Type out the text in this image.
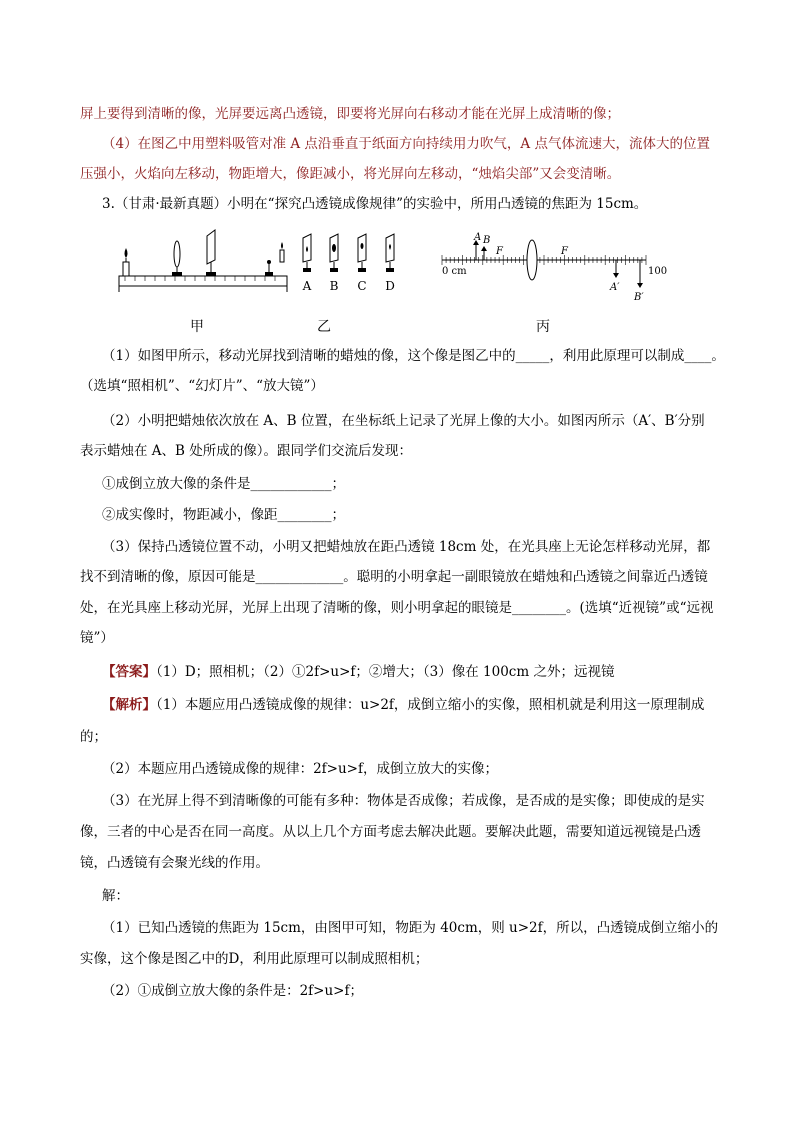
屏上要得到清晰的像，光屏要远离凸透镜，即要将光屏向右移动才能在光屏上成清晰的像；
（4）在图乙中用塑料吸管对准 A 点沿垂直于纸面方向持续用力吹气，A 点气体流速大，流体大的位置
压强小，火焰向左移动，物距增大，像距减小，将光屏向左移动，“烛焰尖部”又会变清晰。
3.（甘肃·最新真题）小明在“探究凸透镜成像规律”的实验中，所用凸透镜的焦距为 15cm。
甲
A B C D
乙
A B
F	F
0 cm	100
A′
B′
丙
（1）如图甲所示，移动光屏找到清晰的蜡烛的像，这个像是图乙中的_____，利用此原理可以制成____。
（选填“照相机”、“幻灯片”、“放大镜”）
（2）小明把蜡烛依次放在 A、B 位置，在坐标纸上记录了光屏上像的大小。如图丙所示（A′、B′分别
表示蜡烛在 A、B 处所成的像）。跟同学们交流后发现：
①成倒立放大像的条件是____________；
②成实像时，物距减小，像距________；
（3）保持凸透镜位置不动，小明又把蜡烛放在距凸透镜 18cm 处，在光具座上无论怎样移动光屏，都
找不到清晰的像，原因可能是_____________。聪明的小明拿起一副眼镜放在蜡烛和凸透镜之间靠近凸透镜
处，在光具座上移动光屏，光屏上出现了清晰的像，则小明拿起的眼镜是________。(选填“近视镜”或“远视
镜”）
【答案】（1）D；照相机；（2）①2f>u>f；②增大；（3）像在 100cm 之外；远视镜
【解析】（1）本题应用凸透镜成像的规律：u>2f，成倒立缩小的实像，照相机就是利用这一原理制成
的；
（2）本题应用凸透镜成像的规律：2f>u>f，成倒立放大的实像；
（3）在光屏上得不到清晰像的可能有多种：物体是否成像；若成像，是否成的是实像；即使成的是实
像，三者的中心是否在同一高度。从以上几个方面考虑去解决此题。要解决此题，需要知道远视镜是凸透
镜，凸透镜有会聚光线的作用。
解：
（1）已知凸透镜的焦距为 15cm，由图甲可知，物距为 40cm，则 u>2f，所以，凸透镜成倒立缩小的
实像，这个像是图乙中的D，利用此原理可以制成照相机；
（2）①成倒立放大像的条件是：2f>u>f；
